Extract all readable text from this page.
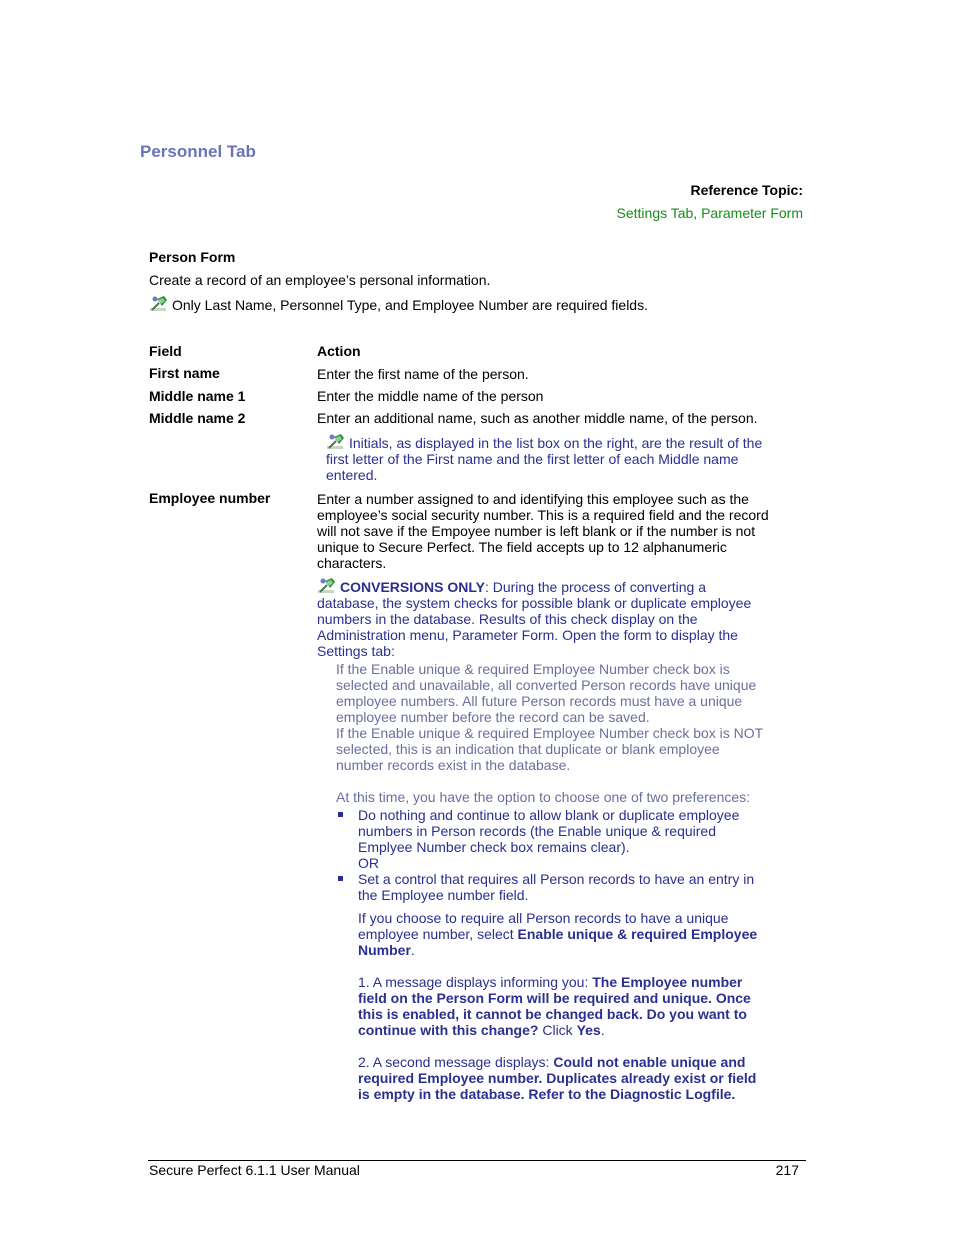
Personnel Tab
Reference Topic:
Settings Tab, Parameter Form
Person Form
Create a record of an employee’s personal information.
Only Last Name, Personnel Type, and Employee Number are required fields.
Field	Action
First name	Enter the first name of the person.
Middle name 1	Enter the middle name of the person
Middle name 2	Enter an additional name, such as another middle name, of the person.
Initials, as displayed in the list box on the right, are the result of the first letter of the First name and the first letter of each Middle name entered.
Employee number	Enter a number assigned to and identifying this employee such as the employee’s social security number. This is a required field and the record will not save if the Empoyee number is left blank or if the number is not unique to Secure Perfect. The field accepts up to 12 alphanumeric characters.
CONVERSIONS ONLY: During the process of converting a database, the system checks for possible blank or duplicate employee numbers in the database. Results of this check display on the Administration menu, Parameter Form. Open the form to display the Settings tab:
If the Enable unique & required Employee Number check box is selected and unavailable, all converted Person records have unique employee numbers. All future Person records must have a unique employee number before the record can be saved.
If the Enable unique & required Employee Number check box is NOT selected, this is an indication that duplicate or blank employee number records exist in the database.
At this time, you have the option to choose one of two preferences:
Do nothing and continue to allow blank or duplicate employee numbers in Person records (the Enable unique & required Emplyee Number check box remains clear).
OR
Set a control that requires all Person records to have an entry in the Employee number field.
If you choose to require all Person records to have a unique employee number, select Enable unique & required Employee Number.
1. A message displays informing you: The Employee number field on the Person Form will be required and unique. Once this is enabled, it cannot be changed back. Do you want to continue with this change? Click Yes.
2. A second message displays: Could not enable unique and required Employee number. Duplicates already exist or field is empty in the database. Refer to the Diagnostic Logfile.
Secure Perfect 6.1.1 User Manual	217
